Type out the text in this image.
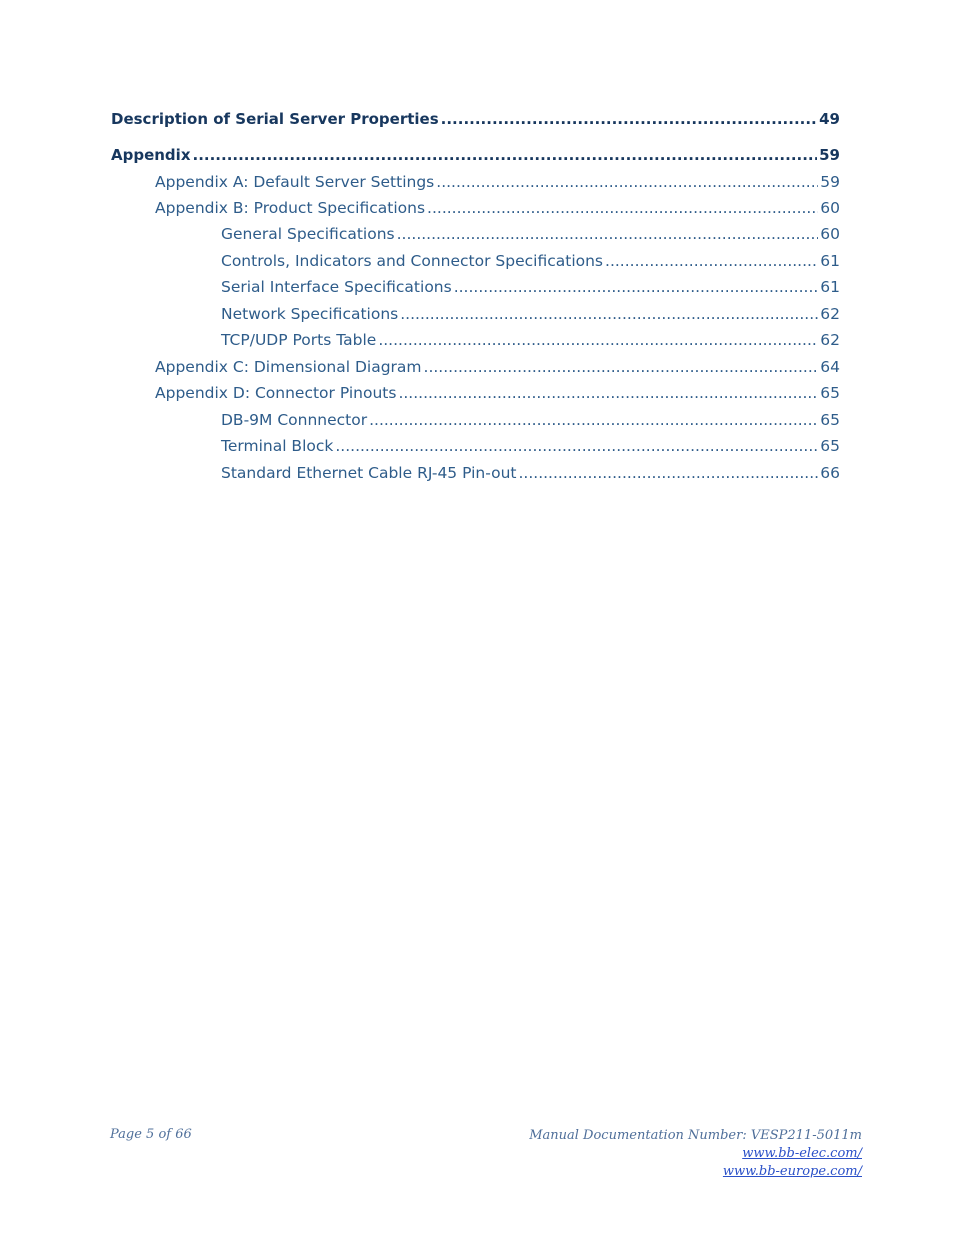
Description of Serial Server Properties .....	49
Appendix .....	59
Appendix A: Default Server Settings .....	59
Appendix B: Product Specifications .....	60
General Specifications .....	60
Controls, Indicators and Connector Specifications .....	61
Serial Interface Specifications .....	61
Network Specifications .....	62
TCP/UDP Ports Table .....	62
Appendix C: Dimensional Diagram .....	64
Appendix D: Connector Pinouts .....	65
DB-9M Connnector .....	65
Terminal Block .....	65
Standard Ethernet Cable RJ-45 Pin-out .....	66
Page 5 of 66	Manual Documentation Number: VESP211-5011m
www.bb-elec.com/
www.bb-europe.com/
